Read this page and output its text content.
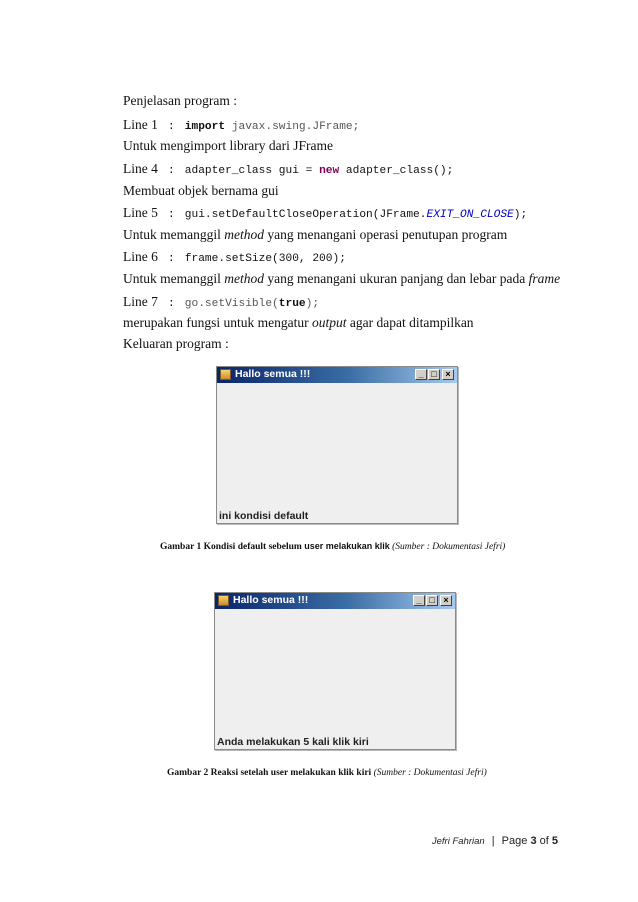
Penjelasan program :
Line 1  :  import javax.swing.JFrame;
Untuk mengimport library dari JFrame
Line 4  :  adapter_class gui = new adapter_class();
Membuat objek bernama gui
Line 5  :  gui.setDefaultCloseOperation(JFrame.EXIT_ON_CLOSE);
Untuk memanggil method yang menangani operasi penutupan program
Line 6  :  frame.setSize(300, 200);
Untuk memanggil method yang menangani ukuran panjang dan lebar pada frame
Line 7  :  go.setVisible(true);
merupakan fungsi untuk mengatur output agar dapat ditampilkan
Keluaran program :
Hallo semua !!!	_ □ ×
ini kondisi default
Gambar 1 Kondisi default sebelum user melakukan klik (Sumber : Dokumentasi Jefri)
Hallo semua !!!	_ □ ×
Anda melakukan 5 kali klik kiri
Gambar 2 Reaksi setelah user melakukan klik kiri (Sumber : Dokumentasi Jefri)
Jefri Fahrian | Page 3 of 5
